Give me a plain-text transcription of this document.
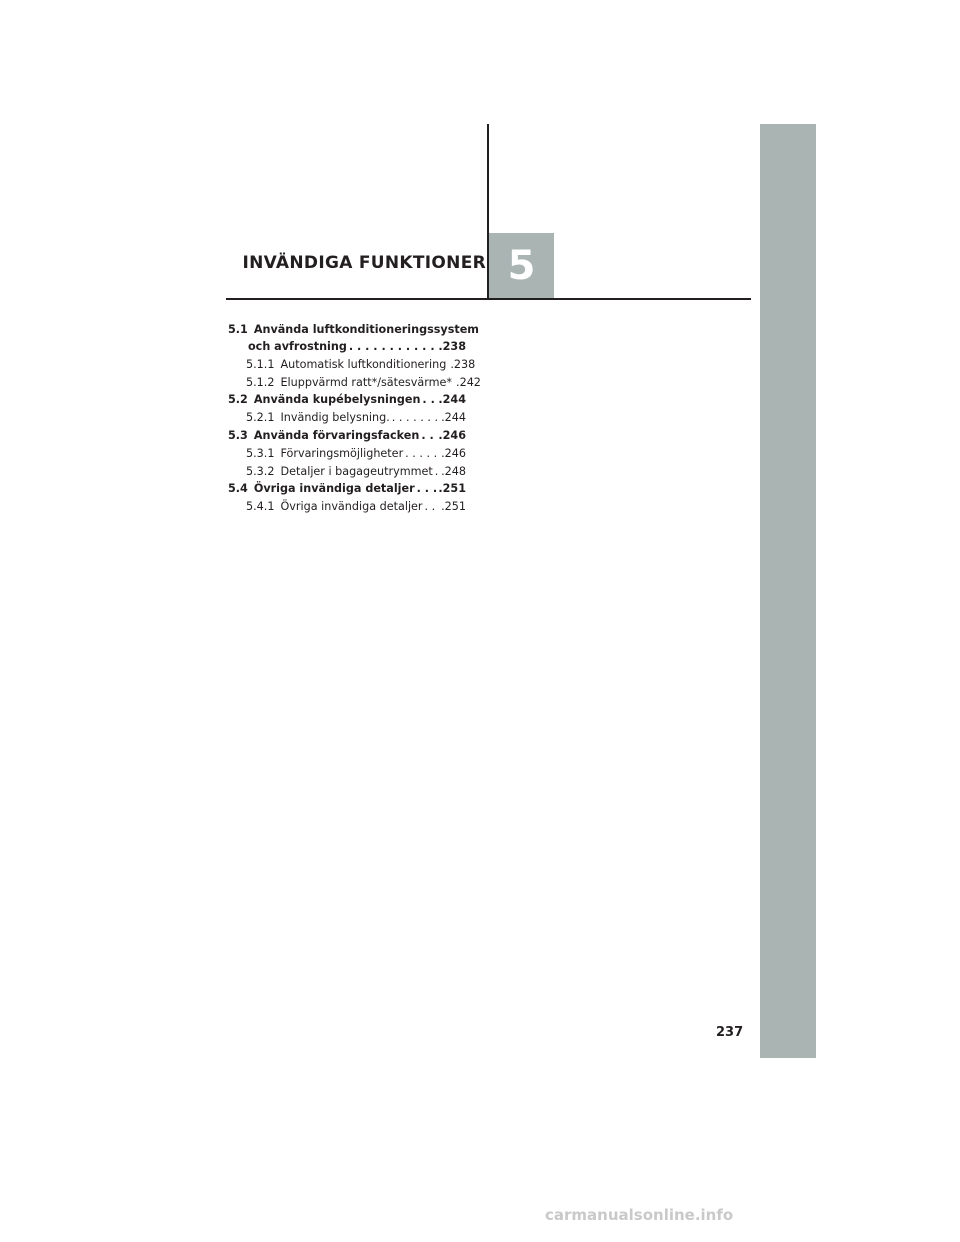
INVÄNDIGA FUNKTIONER 5
5.1 Använda luftkonditioneringssystem
och avfrostning . . .	.238
5.1.1 Automatisk luftkonditionering .238
5.1.2 Eluppvärmd ratt*/sätesvärme* .242
5.2 Använda kupébelysningen . . . .244
5.2.1 Invändig belysning. . . .	.244
5.3 Använda förvaringsfacken . . . .246
5.3.1 Förvaringsmöjligheter . . .	.246
5.3.2 Detaljer i bagageutrymmet . . . .248
5.4 Övriga invändiga detaljer . . . .251
5.4.1 Övriga invändiga detaljer . . . .251
237
carmanualsonline.info
